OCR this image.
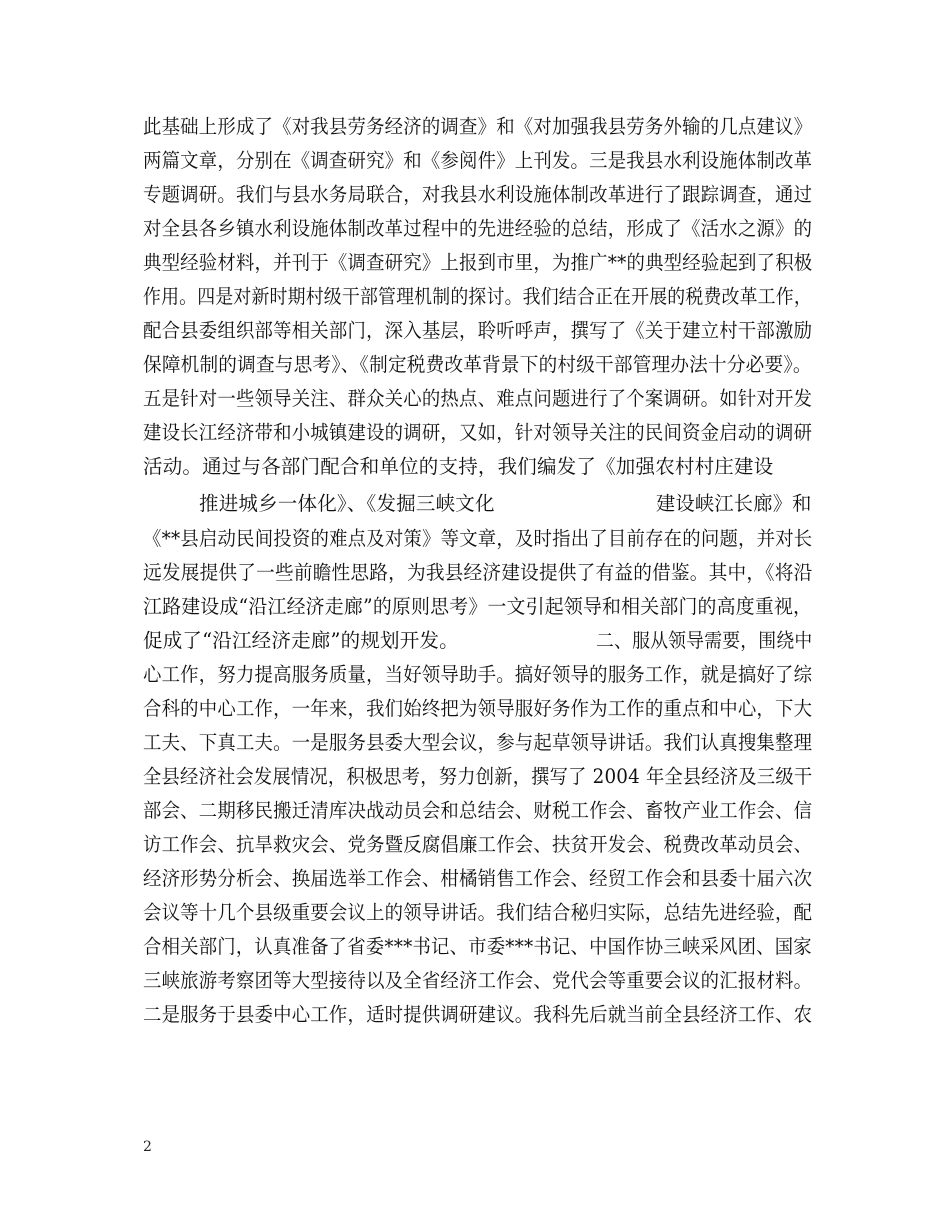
此基础上形成了《对我县劳务经济的调查》和《对加强我县劳务外输的几点建议》
两篇文章，分别在《调查研究》和《参阅件》上刊发。三是我县水利设施体制改革
专题调研。我们与县水务局联合，对我县水利设施体制改革进行了跟踪调查，通过
对全县各乡镇水利设施体制改革过程中的先进经验的总结，形成了《活水之源》的
典型经验材料，并刊于《调查研究》上报到市里，为推广**的典型经验起到了积极
作用。四是对新时期村级干部管理机制的探讨。我们结合正在开展的税费改革工作，
配合县委组织部等相关部门，深入基层，聆听呼声，撰写了《关于建立村干部激励
保障机制的调查与思考》、《制定税费改革背景下的村级干部管理办法十分必要》。
五是针对一些领导关注、群众关心的热点、难点问题进行了个案调研。如针对开发
建设长江经济带和小城镇建设的调研，又如，针对领导关注的民间资金启动的调研
活动。通过与各部门配合和单位的支持，我们编发了《加强农村村庄建设
推进城乡一体化》、《发掘三峡文化	建设峡江长廊》和
《**县启动民间投资的难点及对策》等文章，及时指出了目前存在的问题，并对长
远发展提供了一些前瞻性思路，为我县经济建设提供了有益的借鉴。其中，《将沿
江路建设成“沿江经济走廊”的原则思考》一文引起领导和相关部门的高度重视，
促成了“沿江经济走廊”的规划开发。	二、服从领导需要，围绕中
心工作，努力提高服务质量，当好领导助手。搞好领导的服务工作，就是搞好了综
合科的中心工作，一年来，我们始终把为领导服好务作为工作的重点和中心，下大
工夫、下真工夫。一是服务县委大型会议，参与起草领导讲话。我们认真搜集整理
全县经济社会发展情况，积极思考，努力创新，撰写了 2004 年全县经济及三级干
部会、二期移民搬迁清库决战动员会和总结会、财税工作会、畜牧产业工作会、信
访工作会、抗旱救灾会、党务暨反腐倡廉工作会、扶贫开发会、税费改革动员会、
经济形势分析会、换届选举工作会、柑橘销售工作会、经贸工作会和县委十届六次
会议等十几个县级重要会议上的领导讲话。我们结合秘归实际，总结先进经验，配
合相关部门，认真准备了省委***书记、市委***书记、中国作协三峡采风团、国家
三峡旅游考察团等大型接待以及全省经济工作会、党代会等重要会议的汇报材料。
二是服务于县委中心工作，适时提供调研建议。我科先后就当前全县经济工作、农
2
